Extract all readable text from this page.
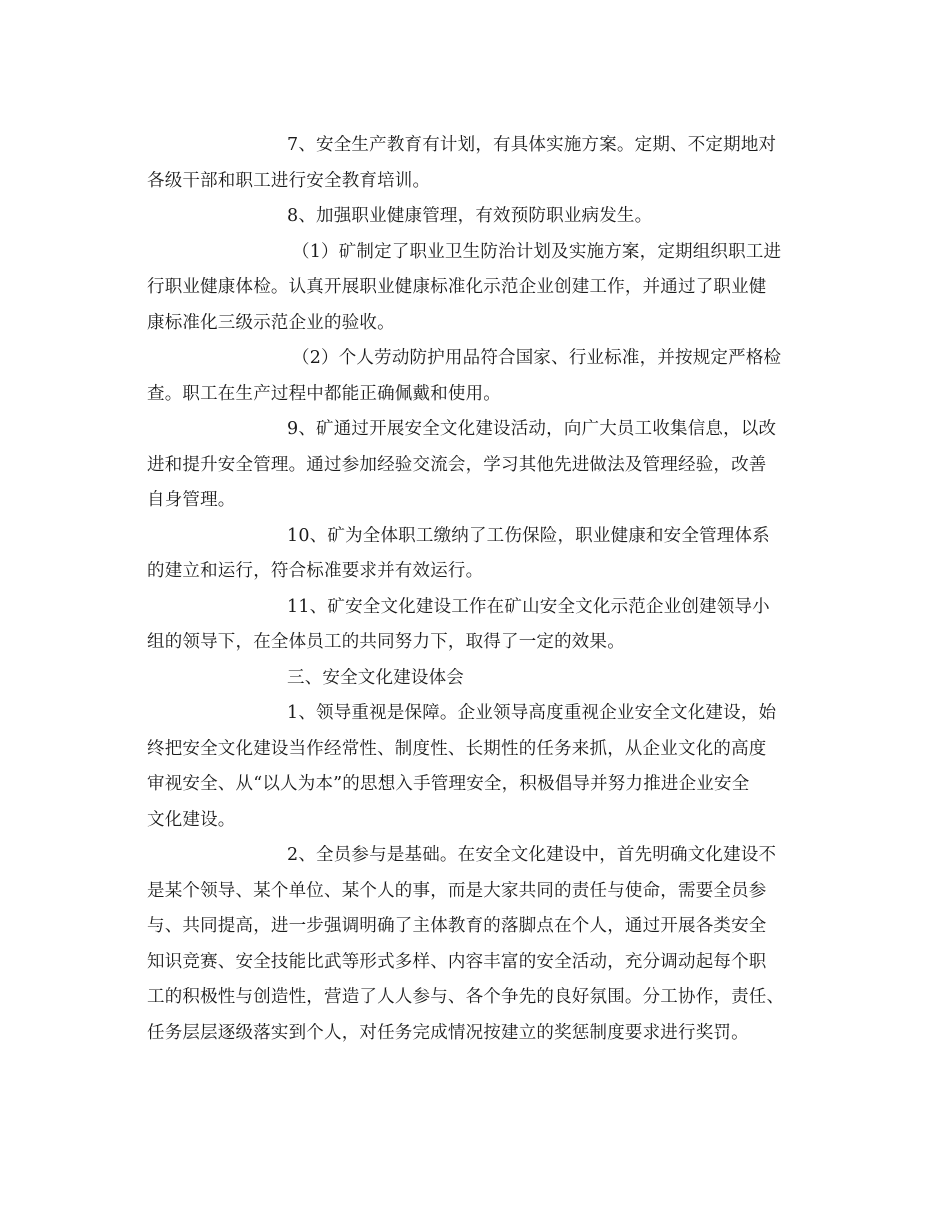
7、安全生产教育有计划，有具体实施方案。定期、不定期地对
各级干部和职工进行安全教育培训。
8、加强职业健康管理，有效预防职业病发生。
（1）矿制定了职业卫生防治计划及实施方案，定期组织职工进
行职业健康体检。认真开展职业健康标准化示范企业创建工作，并通过了职业健
康标准化三级示范企业的验收。
（2）个人劳动防护用品符合国家、行业标准，并按规定严格检
查。职工在生产过程中都能正确佩戴和使用。
9、矿通过开展安全文化建设活动，向广大员工收集信息，以改
进和提升安全管理。通过参加经验交流会，学习其他先进做法及管理经验，改善
自身管理。
10、矿为全体职工缴纳了工伤保险，职业健康和安全管理体系
的建立和运行，符合标准要求并有效运行。
11、矿安全文化建设工作在矿山安全文化示范企业创建领导小
组的领导下，在全体员工的共同努力下，取得了一定的效果。
三、安全文化建设体会
1、领导重视是保障。企业领导高度重视企业安全文化建设，始
终把安全文化建设当作经常性、制度性、长期性的任务来抓，从企业文化的高度
审视安全、从“以人为本”的思想入手管理安全，积极倡导并努力推进企业安全
文化建设。
2、全员参与是基础。在安全文化建设中，首先明确文化建设不
是某个领导、某个单位、某个人的事，而是大家共同的责任与使命，需要全员参
与、共同提高，进一步强调明确了主体教育的落脚点在个人，通过开展各类安全
知识竞赛、安全技能比武等形式多样、内容丰富的安全活动，充分调动起每个职
工的积极性与创造性，营造了人人参与、各个争先的良好氛围。分工协作，责任、
任务层层逐级落实到个人，对任务完成情况按建立的奖惩制度要求进行奖罚。
